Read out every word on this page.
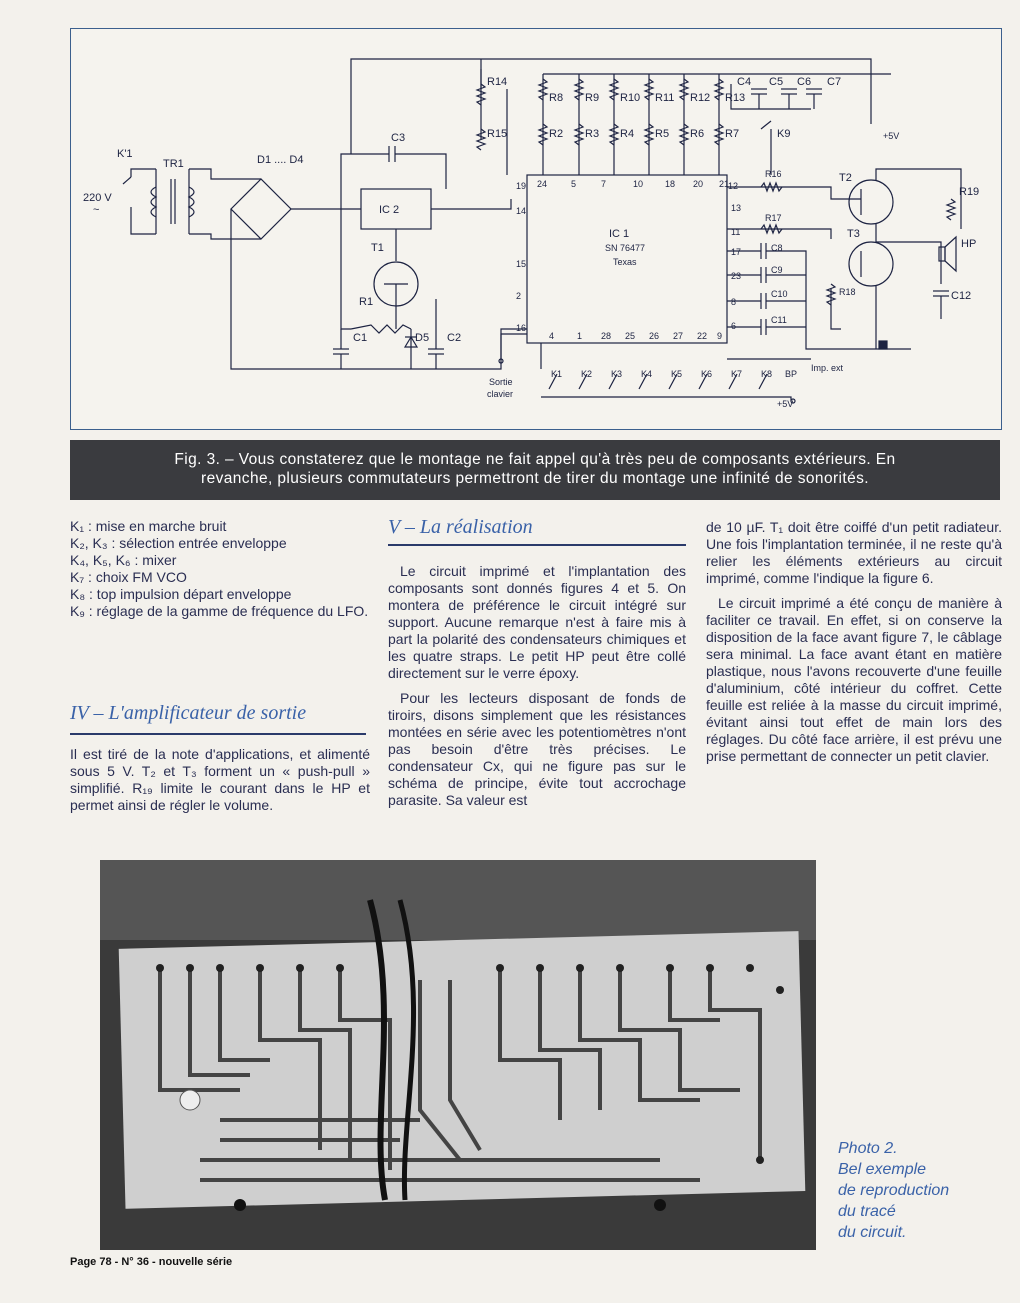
K'1
220 V
~
TR1	D1 .... D4
IC 2
C3
T1
R1
C1	D5 C2
R14
R15
R8 R9 R10 R11 R12 R13
R2 R3 R4 R5 R6 R7
C4 C5 C6 C7
K9
IC 1
SN 76477
Texas
R16
R17
C8
C9
C10
C11
T2
T3
R18
R19
HP
C12
+5V
+5V
Sortie
clavier
Imp. ext
K1 K2 K3 K4 K5 K6 K7 K8 BP
24	5	7	10 18 20 21
19
14
15
2
16
12
13
11
17
23
8
6
4	1 28 25 26 27 22 9
Fig. 3. – Vous constaterez que le montage ne fait appel qu'à très peu de composants extérieurs. En
revanche, plusieurs commutateurs permettront de tirer du montage une infinité de sonorités.

K₁ : mise en marche bruit

K₂, K₃ : sélection entrée enveloppe

K₄, K₅, K₆ : mixer

K₇ : choix FM VCO

K₈ : top impulsion départ enveloppe

K₉ : réglage de la gamme de fréquence du LFO.

IV – L'amplificateur de sortie
Il est tiré de la note d'applications, et alimenté sous 5 V. T₂ et T₃ forment un « push-pull » simplifié. R₁₉ limite le courant dans le HP et permet ainsi de régler le volume.
V – La réalisation

Le circuit imprimé et l'implantation des composants sont donnés figures 4 et 5. On montera de préférence le circuit intégré sur support. Aucune remarque n'est à faire mis à part la polarité des condensateurs chimiques et les quatre straps. Le petit HP peut être collé directement sur le verre époxy.

Pour les lecteurs disposant de fonds de tiroirs, disons simplement que les résistances montées en série avec les potentiomètres n'ont pas besoin d'être très précises. Le condensateur Cx, qui ne figure pas sur le schéma de principe, évite tout accrochage parasite. Sa valeur est

de 10 µF. T₁ doit être coiffé d'un petit radiateur. Une fois l'implantation terminée, il ne reste qu'à relier les éléments extérieurs au circuit imprimé, comme l'indique la figure 6.

Le circuit imprimé a été conçu de manière à faciliter ce travail. En effet, si on conserve la disposition de la face avant figure 7, le câblage sera minimal. La face avant étant en matière plastique, nous l'avons recouverte d'une feuille d'aluminium, côté intérieur du coffret. Cette feuille est reliée à la masse du circuit imprimé, évitant ainsi tout effet de main lors des réglages. Du côté face arrière, il est prévu une prise permettant de connecter un petit clavier.

Photo 2.
Bel exemple
de reproduction
du tracé
du circuit.
Page 78 - N° 36 - nouvelle série
